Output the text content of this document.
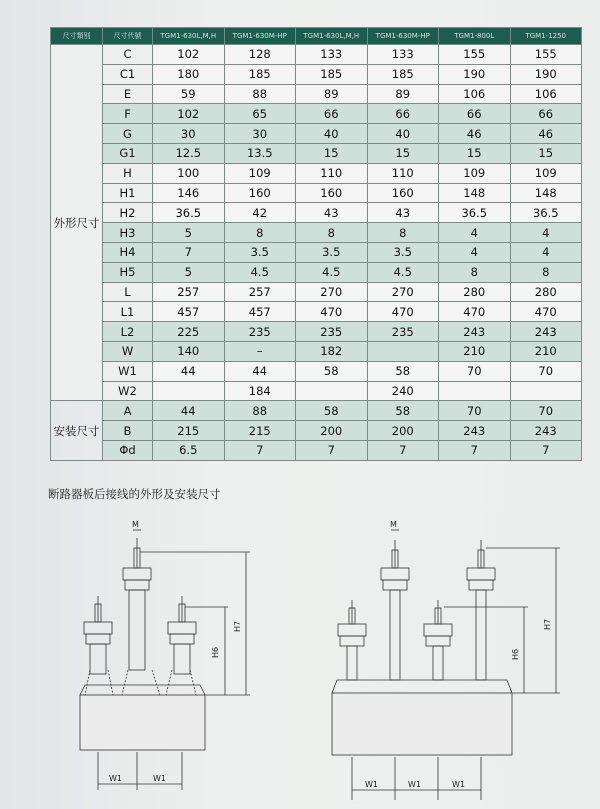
尺寸類別	尺寸代號	TGM1-630L,M,H	TGM1-630M-HP	TGM1-630L,M,H	TGM1-630M-HP	TGM1-800L	TGM1-1250
外形尺寸	C	102	128	133	133	155	155
	C1	180	185	185	185	190	190
	E	59	88	89	89	106	106
	F	102	65	66	66	66	66
	G	30	30	40	40	46	46
	G1	12.5	13.5	15	15	15	15
	H	100	109	110	110	109	109
	H1	146	160	160	160	148	148
	H2	36.5	42	43	43	36.5	36.5
	H3	5	8	8	8	4	4
	H4	7	3.5	3.5	3.5	4	4
	H5	5	4.5	4.5	4.5	8	8
	L	257	257	270	270	280	280
	L1	457	457	470	470	470	470
	L2	225	235	235	235	243	243
	W	140	–	182		210	210
	W1	44	44	58	58	70	70
	W2		184		240		
安装尺寸	A	44	88	58	58	70	70
	B	215	215	200	200	243	243
	Φd	6.5	7	7	7	7	7
断路器板后接线的外形及安装尺寸
M
H6
H7
W1	W1
M
H6
H7
W1	W1	W1
